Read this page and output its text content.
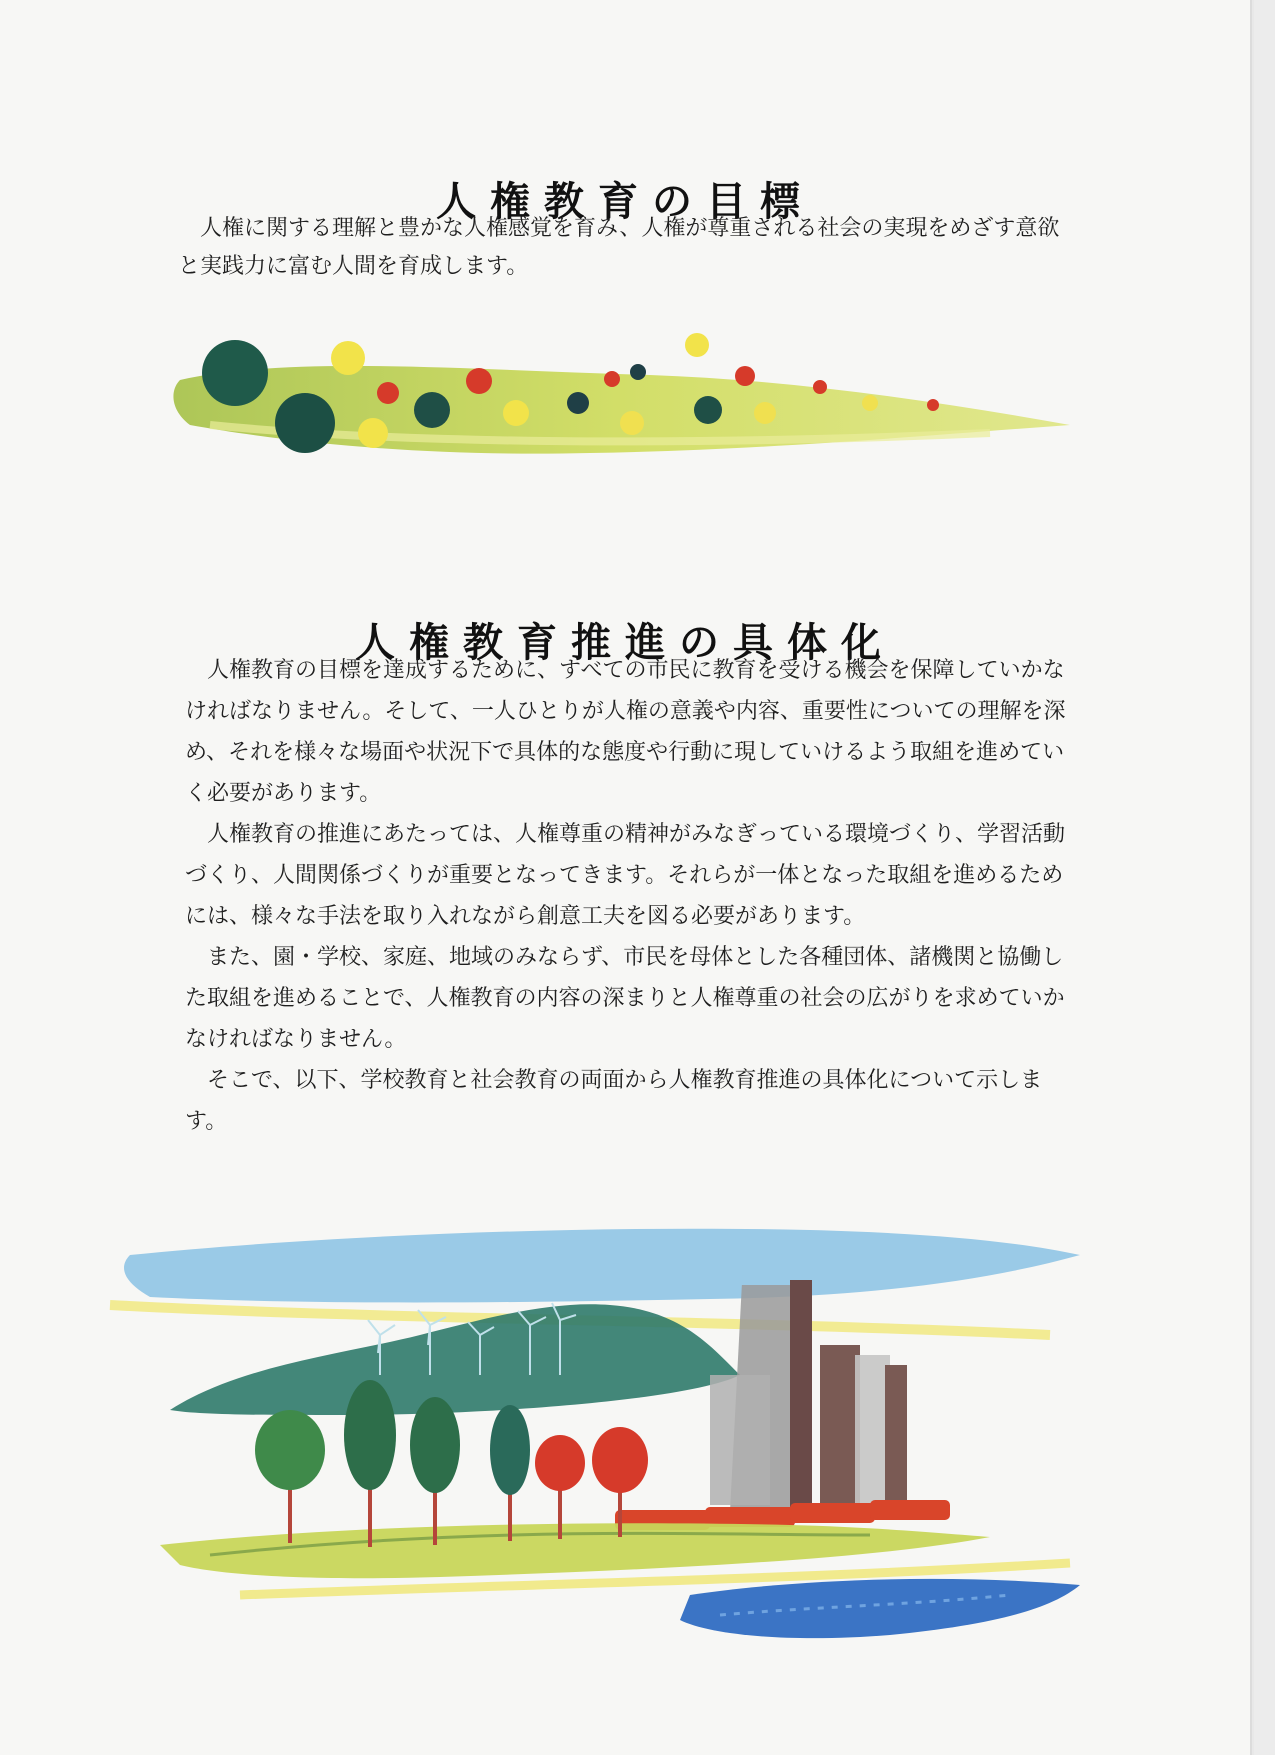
人権教育の目標

人権に関する理解と豊かな人権感覚を育み、人権が尊重される社会の実現をめざす意欲と実践力に富む人間を育成します。

人権教育推進の具体化

人権教育の目標を達成するために、すべての市民に教育を受ける機会を保障していかなければなりません。そして、一人ひとりが人権の意義や内容、重要性についての理解を深め、それを様々な場面や状況下で具体的な態度や行動に現していけるよう取組を進めていく必要があります。

人権教育の推進にあたっては、人権尊重の精神がみなぎっている環境づくり、学習活動づくり、人間関係づくりが重要となってきます。それらが一体となった取組を進めるためには、様々な手法を取り入れながら創意工夫を図る必要があります。

また、園・学校、家庭、地域のみならず、市民を母体とした各種団体、諸機関と協働した取組を進めることで、人権教育の内容の深まりと人権尊重の社会の広がりを求めていかなければなりません。

そこで、以下、学校教育と社会教育の両面から人権教育推進の具体化について示します。
